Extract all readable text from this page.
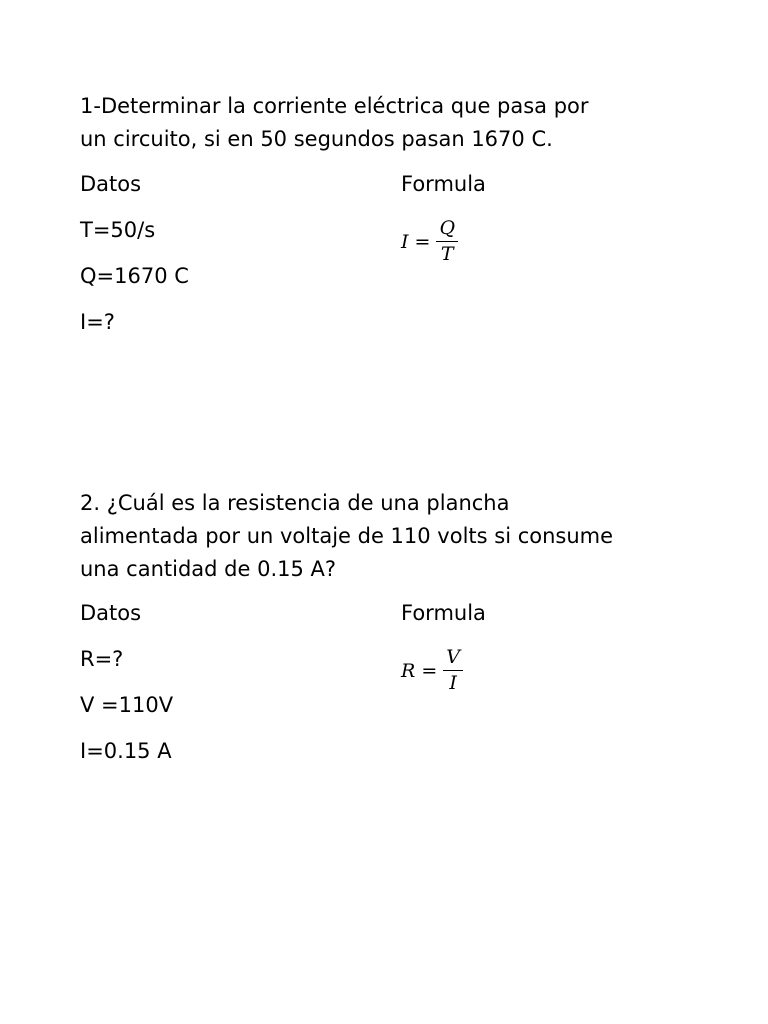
1-Determinar la corriente eléctrica que pasa por
un circuito, si en 50 segundos pasan 1670 C.
Datos	Formula
T=50/s
Q=1670 C
I=?
$I = \frac{Q}{T}$
2. ¿Cuál es la resistencia de una plancha
alimentada por un voltaje de 110 volts si consume
una cantidad de 0.15 A?
Datos	Formula
R=?
V =110V
I=0.15 A
$R = \frac{V}{I}$
